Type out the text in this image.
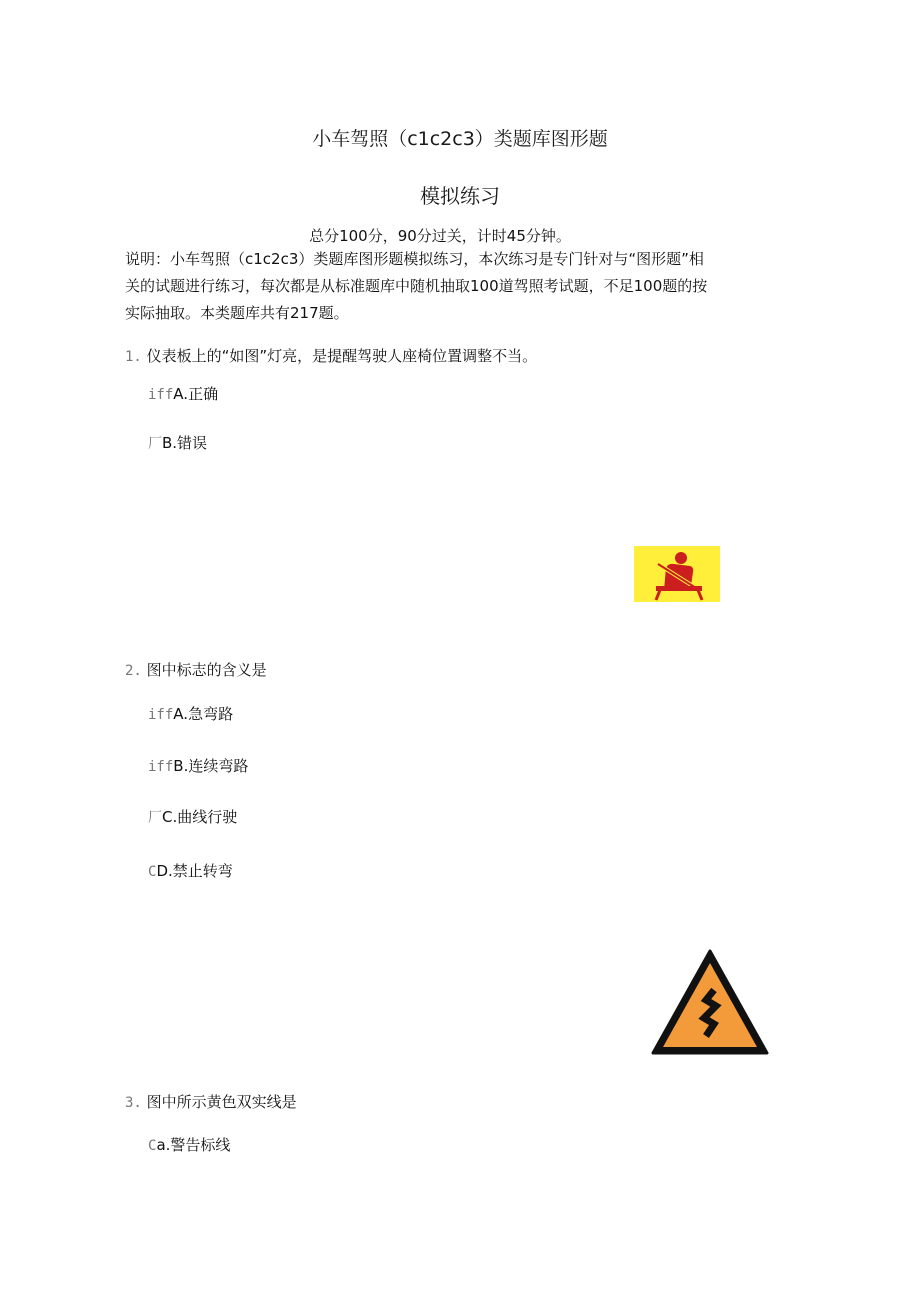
小车驾照（c1c2c3）类题库图形题
模拟练习
总分100分，90分过关，计时45分钟。

说明：小车驾照（c1c2c3）类题库图形题模拟练习，本次练习是专门针对与“图形题”相

关的试题进行练习，每次都是从标准题库中随机抽取100道驾照考试题，不足100题的按

实际抽取。本类题库共有217题。

1. 仪表板上的“如图”灯亮，是提醒驾驶人座椅位置调整不当。
iffA.正确
厂B.错误
2. 图中标志的含义是
iffA.急弯路
iffB.连续弯路
厂C.曲线行驶
CD.禁止转弯
3. 图中所示黄色双实线是
Ca.警告标线
